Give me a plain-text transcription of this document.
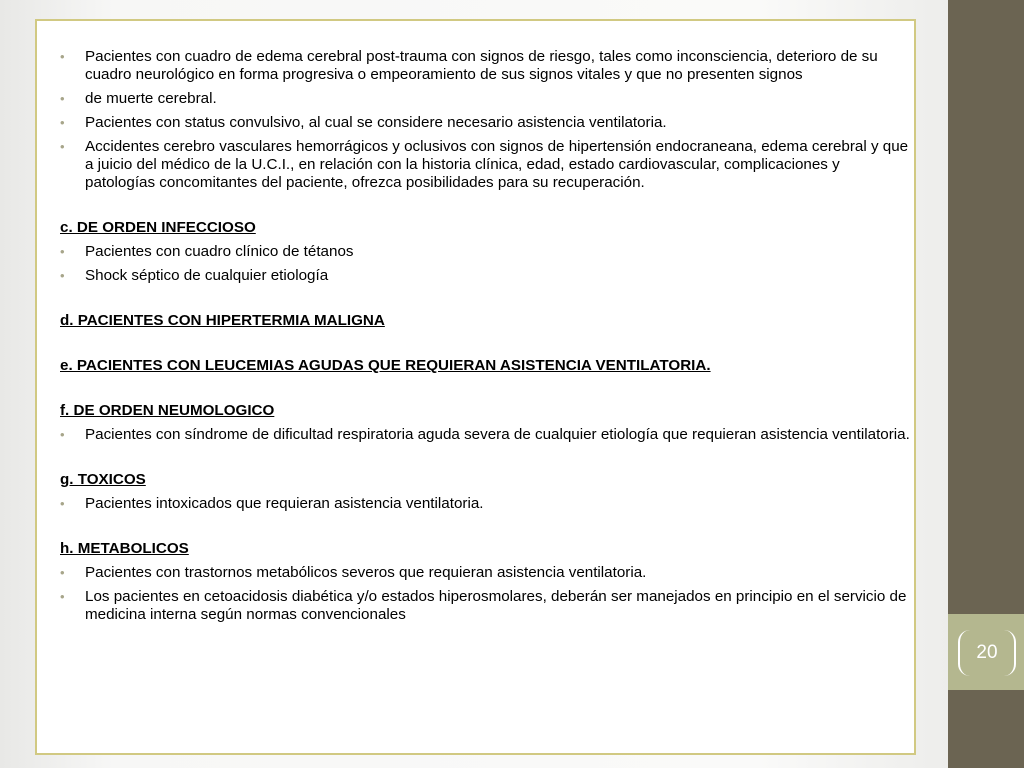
20
• Pacientes con cuadro de edema cerebral post-trauma con signos de riesgo, tales como inconsciencia, deterioro de su cuadro neurológico en forma progresiva o empeoramiento de sus signos vitales y que no presenten signos
• de muerte cerebral.
• Pacientes con status convulsivo, al cual se considere necesario asistencia ventilatoria.
• Accidentes cerebro vasculares hemorrágicos y oclusivos con signos de hipertensión endocraneana, edema cerebral y que a juicio del médico de la U.C.I., en relación con la historia clínica, edad, estado cardiovascular, complicaciones y patologías concomitantes del paciente, ofrezca posibilidades para su recuperación.
c. DE ORDEN INFECCIOSO
• Pacientes con cuadro clínico de tétanos
• Shock séptico de cualquier etiología
d. PACIENTES CON HIPERTERMIA MALIGNA
e. PACIENTES CON LEUCEMIAS AGUDAS QUE REQUIERAN ASISTENCIA VENTILATORIA.
f. DE ORDEN NEUMOLOGICO
• Pacientes con síndrome de dificultad respiratoria aguda severa de cualquier etiología que requieran asistencia ventilatoria.
g. TOXICOS
• Pacientes intoxicados que requieran asistencia ventilatoria.
h. METABOLICOS
• Pacientes con trastornos metabólicos severos que requieran asistencia ventilatoria.
• Los pacientes en cetoacidosis diabética y/o estados hiperosmolares, deberán ser manejados en principio en el servicio de medicina interna según normas convencionales
